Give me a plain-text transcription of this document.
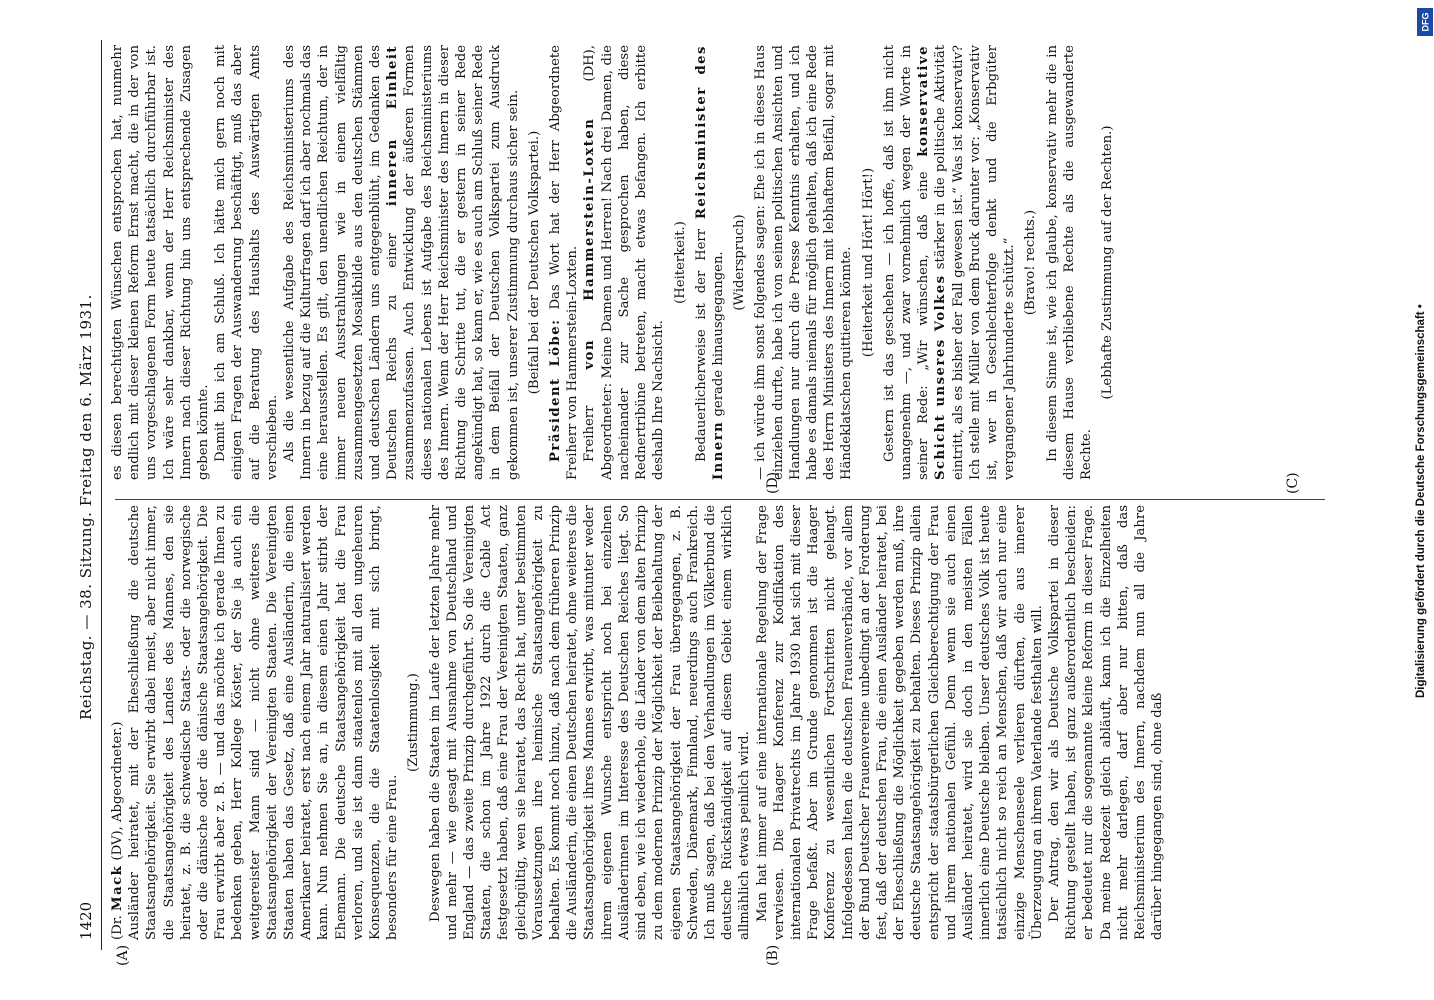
1420
Reichstag. — 38. Sitzung. Freitag den 6. März 1931.
(A)	(B)
(C)
(D)

(Dr. Mack (DV), Abgeordneter.) Ausländer heiratet, mit der Eheschließung die deutsche Staatsangehörigkeit. Sie erwirbt dabei meist, aber nicht immer, die Staatsangehörigkeit des Landes des Mannes, den sie heiratet, z. B. die schwedische Staats- oder die norwegische oder die dänische oder die dänische Staatsangehörigkeit. Die Frau erwirbt aber z. B. — und das möchte ich gerade Ihnen zu bedenken geben, Herr Kollege Köster, der Sie ja auch ein weitgereister Mann sind — nicht ohne weiteres die Staatsangehörigkeit der Vereinigten Staaten. Die Vereinigten Staaten haben das Gesetz, daß eine Ausländerin, die einen Amerikaner heiratet, erst nach einem Jahr naturalisiert werden kann. Nun nehmen Sie an, in diesem einen Jahr stirbt der Ehemann. Die deutsche Staatsangehörigkeit hat die Frau verloren, und sie ist dann staatenlos mit all den ungeheuren Konsequenzen, die die Staatenlosigkeit mit sich bringt, besonders für eine Frau.

(Zustimmung.) Deswegen haben die Staaten im Laufe der letzten Jahre mehr und mehr — wie gesagt mit Ausnahme von Deutschland und England — das zweite Prinzip durchgeführt. So die Vereinigten Staaten, die schon im Jahre 1922 durch die Cable Act festgesetzt haben, daß eine Frau der Vereinigten Staaten, ganz gleichgültig, wen sie heiratet, das Recht hat, unter bestimmten Voraussetzungen ihre heimische Staatsangehörigkeit zu behalten. Es kommt noch hinzu, daß nach dem früheren Prinzip die Ausländerin, die einen Deutschen heiratet, ohne weiteres die Staatsangehörigkeit ihres Mannes erwirbt, was mitunter weder ihrem eigenen Wunsche entspricht noch bei einzelnen Ausländerinnen im Interesse des Deutschen Reiches liegt. So sind eben, wie ich wiederhole, die Länder von dem alten Prinzip zu dem modernen Prinzip der Möglichkeit der Beibehaltung der eigenen Staatsangehörigkeit der Frau übergegangen, z. B. Schweden, Dänemark, Finnland, neuerdings auch Frankreich. Ich muß sagen, daß bei den Verhandlungen im Völkerbund die deutsche Rückständigkeit auf diesem Gebiet einem wirklich allmählich etwas peinlich wird. Man hat immer auf eine internationale Regelung der Frage verwiesen. Die Haager Konferenz zur Kodifikation des internationalen Privatrechts im Jahre 1930 hat sich mit dieser Frage befaßt. Aber im Grunde genommen ist die Haager Konferenz zu wesentlichen Fortschritten nicht gelangt. Infolgedessen halten die deutschen Frauenverbände, vor allem der Bund Deutscher Frauenvereine unbedingt an der Forderung fest, daß der deutschen Frau, die einen Ausländer heiratet, bei der Eheschließung die Möglichkeit gegeben werden muß, ihre deutsche Staatsangehörigkeit zu behalten. Dieses Prinzip allein entspricht der staatsbürgerlichen Gleichberechtigung der Frau und ihrem nationalen Gefühl. Denn wenn sie auch einen Ausländer heiratet, wird sie doch in den meisten Fällen innerlich eine Deutsche bleiben. Unser deutsches Volk ist heute tatsächlich nicht so reich an Menschen, daß wir auch nur eine einzige Menschenseele verlieren dürften, die aus innerer Überzeugung an ihrem Vaterlande festhalten will. Der Antrag, den wir als Deutsche Volkspartei in dieser Richtung gestellt haben, ist ganz außerordentlich bescheiden: er bedeutet nur die sogenannte kleine Reform in dieser Frage. Da meine Redezeit gleich abläuft, kann ich die Einzelheiten nicht mehr darlegen, darf aber nur bitten, daß das Reichsministerium des Innern, nachdem nun all die Jahre darüber hingegangen sind, ohne daß

es diesen berechtigten Wünschen entsprochen hat, nunmehr endlich mit dieser kleinen Reform Ernst macht, die in der von uns vorgeschlagenen Form heute tatsächlich durchführbar ist. Ich wäre sehr dankbar, wenn der Herr Reichsminister des Innern nach dieser Richtung hin uns entsprechende Zusagen geben könnte. Damit bin ich am Schluß. Ich hätte mich gern noch mit einigen Fragen der Auswanderung beschäftigt, muß das aber auf die Beratung des Haushalts des Auswärtigen Amts verschieben. Als die wesentliche Aufgabe des Reichsministeriums des Innern in bezug auf die Kulturfragen darf ich aber nochmals das eine herausstellen. Es gilt, den unendlichen Reichtum, der in immer neuen Ausstrahlungen wie in einem vielfältig zusammengesetzten Mosaikbilde aus den deutschen Stämmen und deutschen Ländern uns entgegenblüht, im Gedanken des Deutschen Reichs zu einer inneren Einheit zusammenzufassen. Auch Entwicklung der äußeren Formen dieses nationalen Lebens ist Aufgabe des Reichsministeriums des Innern. Wenn der Herr Reichsminister des Innern in dieser Richtung die Schritte tut, die er gestern in seiner Rede angekündigt hat, so kann er, wie es auch am Schluß seiner Rede in dem Beifall der Deutschen Volkspartei zum Ausdruck gekommen ist, unserer Zustimmung durchaus sicher sein. (Beifall bei der Deutschen Volkspartei.) Präsident Löbe: Das Wort hat der Herr Abgeordnete Freiherr von Hammerstein-Loxten. Freiherr von Hammerstein-Loxten (DH), Abgeordneter: Meine Damen und Herren! Nach drei Damen, die nacheinander zur Sache gesprochen haben, diese Rednertribüne betreten, macht etwas befangen. Ich erbitte deshalb Ihre Nachsicht.

(Heiterkeit.) Bedauerlicherweise ist der Herr Reichsminister des Innern gerade hinausgegangen. (Widerspruch) — ich würde ihm sonst folgendes sagen: Ehe ich in dieses Haus einziehen durfte, habe ich von seinen politischen Ansichten und Handlungen nur durch die Presse Kenntnis erhalten, und ich habe es damals niemals für möglich gehalten, daß ich eine Rede des Herrn Ministers des Innern mit lebhaftem Beifall, sogar mit Händeklatschen quittieren könnte. (Heiterkeit und Hört! Hört!) Gestern ist das geschehen — ich hoffe, daß ist ihm nicht unangenehm —, und zwar vornehmlich wegen der Worte in seiner Rede: „Wir wünschen, daß eine konservative Schicht unseres Volkes stärker in die politische Aktivität eintritt, als es bisher der Fall gewesen ist.“ Was ist konservativ? Ich stelle mit Müller von dem Bruck darunter vor: „Konservativ ist, wer in Geschlechterfolge denkt und die Erbgüter vergangener Jahrhunderte schützt.“ (Bravo! rechts.) In diesem Sinne ist, wie ich glaube, konservativ mehr die in diesem Hause verbliebene Rechte als die ausgewanderte Rechte.

(Lebhafte Zustimmung auf der Rechten.)

DFG
Digitalisierung gefördert durch die Deutsche Forschungsgemeinschaft •
